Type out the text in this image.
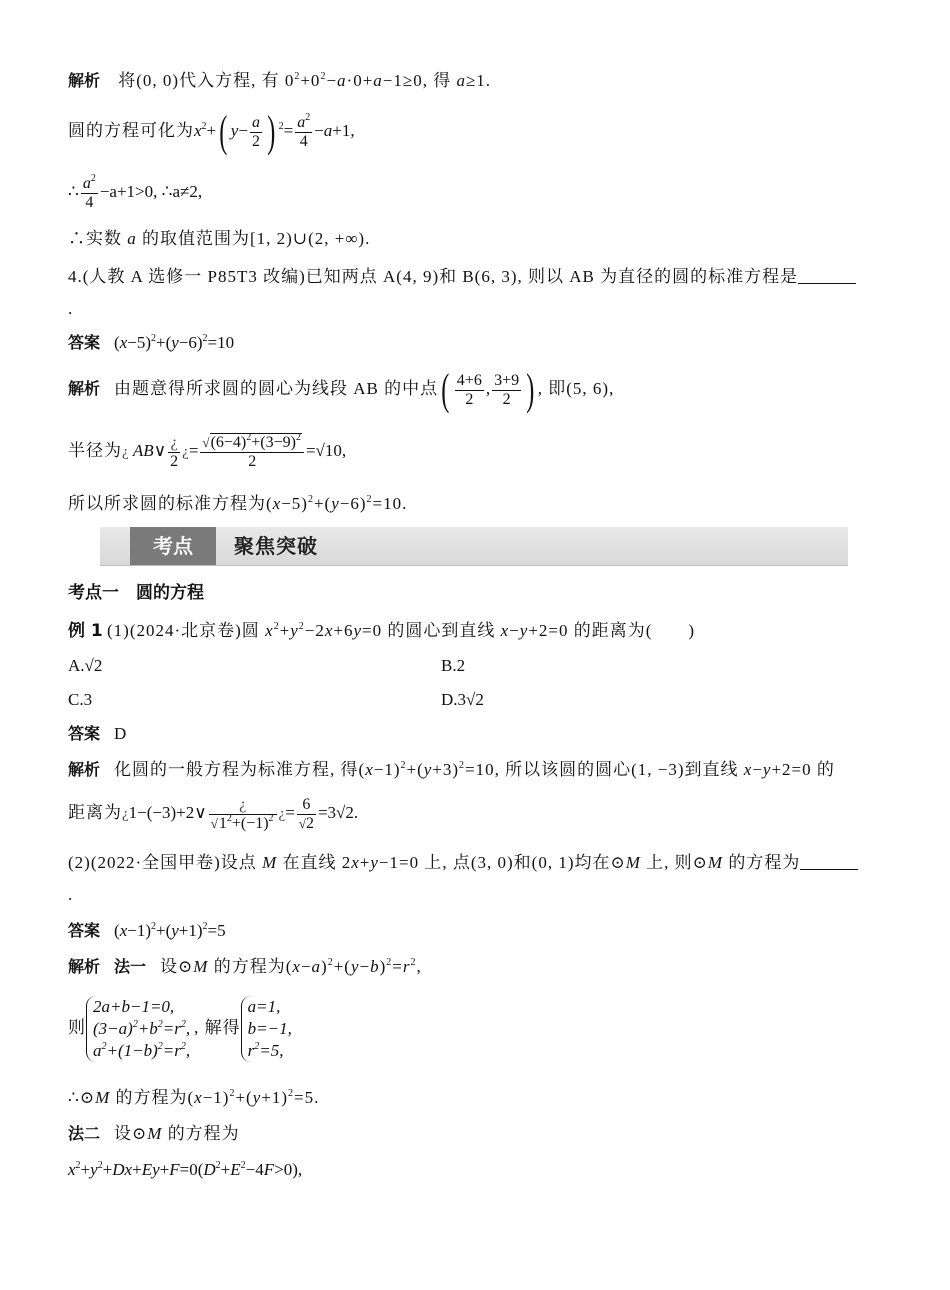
解析 将(0, 0)代入方程, 有 $0^2+0^2-a\cdot 0+a-1\ge 0$, 得 a≥1.
圆的方程可化为$x^2+$( $y- \frac{a}{2}$ ) $^2= \frac{a^2}{4} -a+1$,
∴ $\frac{a^2}{4} -a+1>0$, ∴a≠2,
∴实数 a 的取值范围为[1, 2)∪(2, +∞).
4.(人教 A 选修一 P85T3 改编)已知两点 A(4, 9)和 B(6, 3), 则以 AB 为直径的圆的标准方程是
.
答案 $(x-5)^2+(y-6)^2=10$
解析 由题意得所求圆的圆心为线段 AB 的中点( $\frac{4+6}{2}$ , $\frac{3+9}{2}$ ) , 即(5, 6),
半径为¿ AB∨ $\frac{¿}{2}$ ¿= $\frac{√(6-4)^2+(3-9)^2}{2} =√10$,
所以所求圆的标准方程为$(x-5)^2+(y-6)^2=10$.
考点	聚焦突破
考点一　圆的方程
例 1 (1)(2024·北京卷)圆 $x^2+y^2-2x+6y=0$ 的圆心到直线 x−y+2=0 的距离为(　　)
A.√2	B.2
C.3	D.3√2
答案 D
解析 化圆的一般方程为标准方程, 得$(x-1)^2+(y+3)^2=10$, 所以该圆的圆心(1, −3)到直线 x−y+2=0 的
距离为¿1−(−3)+2∨ $\frac{¿}{√1^2+(-1)^2}$ ¿= $\frac{6}{√2} =3√2$.
(2)(2022·全国甲卷)设点 M 在直线 2x+y−1=0 上, 点(3, 0)和(0, 1)均在⊙M 上, 则⊙M 的方程为
.
答案 $(x-1)^2+(y+1)^2=5$
解析 法一 设⊙M 的方程为$(x-a)^2+(y-b)^2=r^2$,
则
2a+b−1=0,
$(3-a)^2+b^2=r^2$,
$a^2+(1-b)^2=r^2$,
, 解得
a=1,
b=−1,
$r^2=5$,
∴⊙M 的方程为$(x-1)^2+(y+1)^2=5$.
法二 设⊙M 的方程为
$x^2+y^2+Dx+Ey+F=0(D^2+E^2-4F>0)$,
